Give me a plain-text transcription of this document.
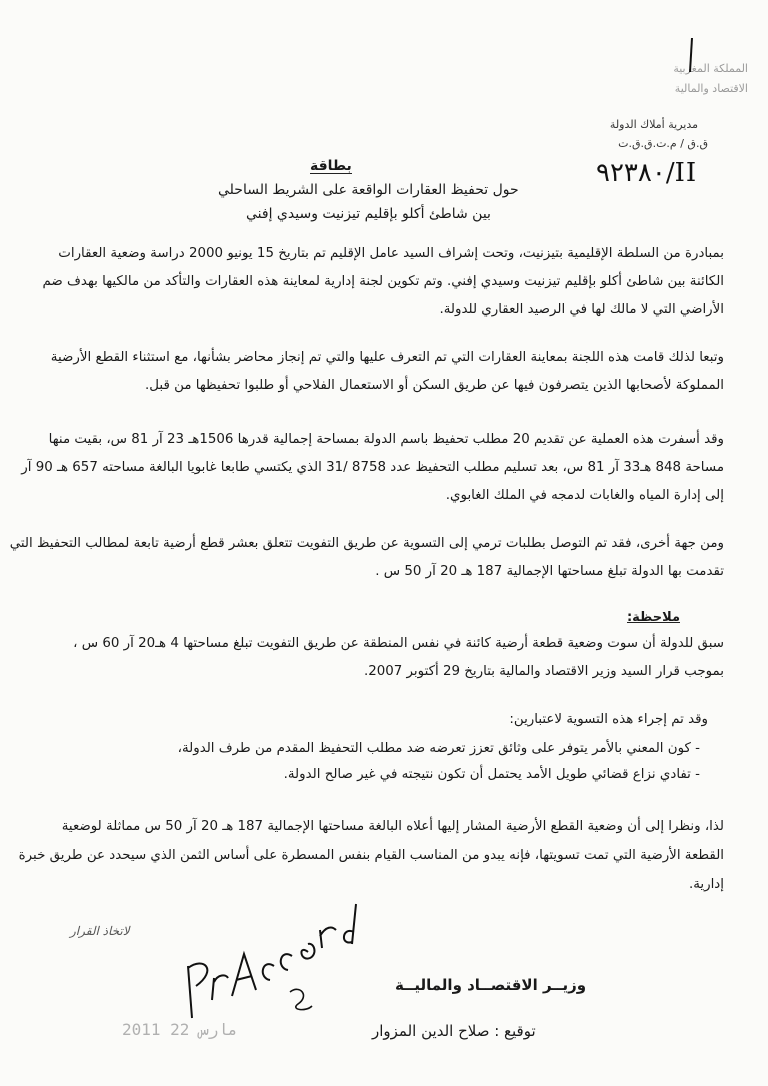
المملكة المغربية
الاقتصاد والمالية
مديرية أملاك الدولة
ق.ق / م.ت.ق.ق.ت
٩٢٣٨٠/II
بطاقة
حول تحفيظ العقارات الواقعة على الشريط الساحلي
بين شاطئ أكلو بإقليم تيزنيت وسيدي إفني
بمبادرة من السلطة الإقليمية بتيزنيت، وتحت إشراف السيد عامل الإقليم تم بتاريخ 15 يونيو 2000 دراسة وضعية العقارات
الكائنة بين شاطئ أكلو بإقليم تيزنيت وسيدي إفني. وتم تكوين لجنة إدارية لمعاينة هذه العقارات والتأكد من مالكيها بهدف ضم
الأراضي التي لا مالك لها في الرصيد العقاري للدولة.
وتبعا لذلك قامت هذه اللجنة بمعاينة العقارات التي تم التعرف عليها والتي تم إنجاز محاضر بشأنها، مع استثناء القطع الأرضية
المملوكة لأصحابها الذين يتصرفون فيها عن طريق السكن أو الاستعمال الفلاحي أو طلبوا تحفيظها من قبل.
وقد أسفرت هذه العملية عن تقديم 20 مطلب تحفيظ باسم الدولة بمساحة إجمالية قدرها 1506هـ 23 آر 81 س، بقيت منها
مساحة 848 هـ33 آر 81 س، بعد تسليم مطلب التحفيظ عدد 8758 /31 الذي يكتسي طابعا غابويا البالغة مساحته 657 هـ 90 آر
إلى إدارة المياه والغابات لدمجه في الملك الغابوي.
ومن جهة أخرى، فقد تم التوصل بطلبات ترمي إلى التسوية عن طريق التفويت تتعلق بعشر قطع أرضية تابعة لمطالب التحفيظ التي
تقدمت بها الدولة تبلغ مساحتها الإجمالية 187 هـ 20 آر 50 س .
ملاحظة:
سبق للدولة أن سوت وضعية قطعة أرضية كائنة في نفس المنطقة عن طريق التفويت تبلغ مساحتها 4 هـ20 آر 60 س ،
بموجب قرار السيد وزير الاقتصاد والمالية بتاريخ 29 أكتوبر 2007.
وقد تم إجراء هذه التسوية لاعتبارين:
- كون المعني بالأمر يتوفر على وثائق تعزز تعرضه ضد مطلب التحفيظ المقدم من طرف الدولة،
- تفادي نزاع قضائي طويل الأمد يحتمل أن تكون نتيجته في غير صالح الدولة.
لذا، ونظرا إلى أن وضعية القطع الأرضية المشار إليها أعلاه البالغة مساحتها الإجمالية 187 هـ 20 آر 50 س مماثلة لوضعية
القطعة الأرضية التي تمت تسويتها، فإنه يبدو من المناسب القيام بنفس المسطرة على أساس الثمن الذي سيحدد عن طريق خبرة
إدارية.
لاتخاذ القرار
وزيــر الاقتصــاد والماليــة
توقيع : صلاح الدين المزوار
2011 مارس 22
